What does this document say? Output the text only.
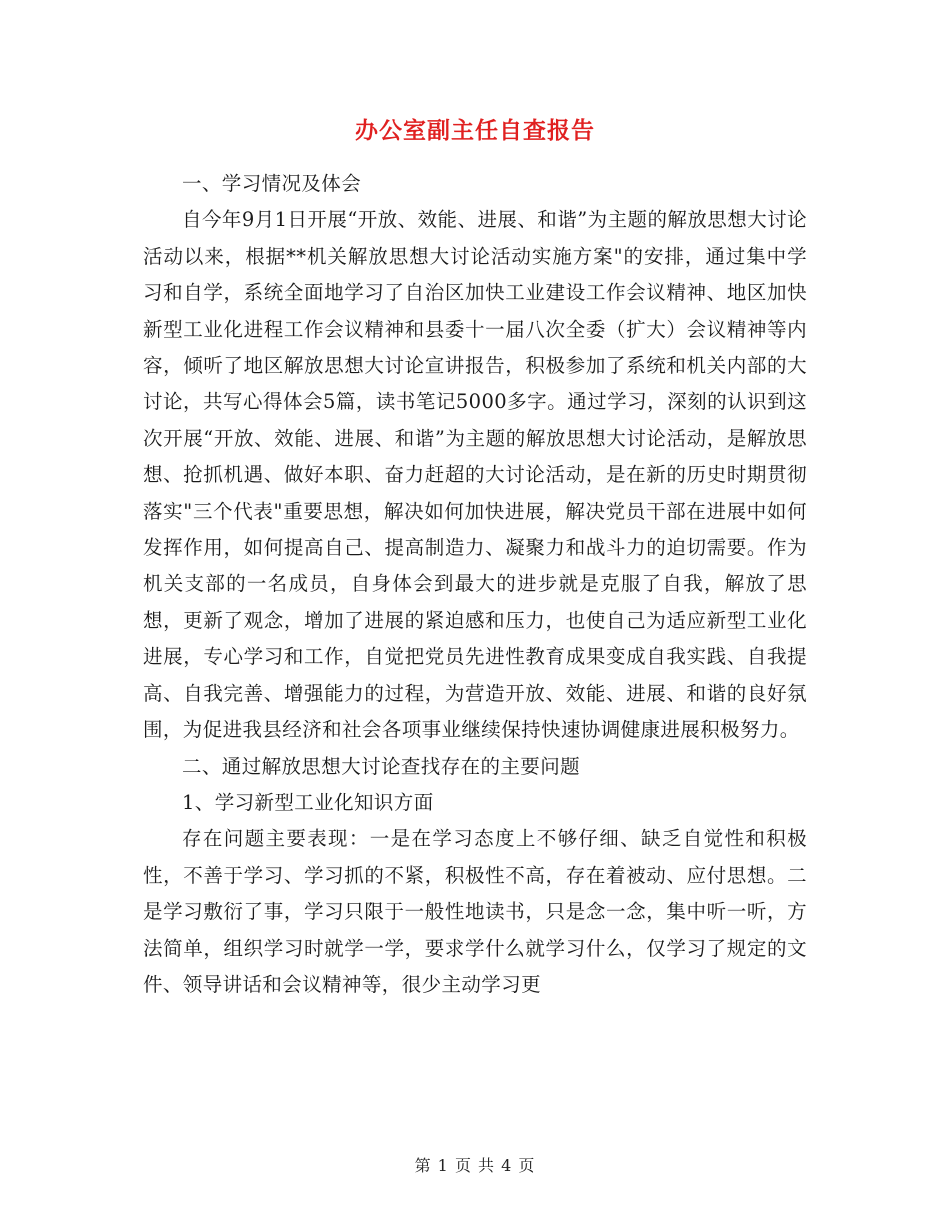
办公室副主任自查报告

一、学习情况及体会

自今年9月1日开展“开放、效能、进展、和谐”为主题的解放思想大讨论活动以来，根据**机关解放思想大讨论活动实施方案"的安排，通过集中学习和自学，系统全面地学习了自治区加快工业建设工作会议精神、地区加快新型工业化进程工作会议精神和县委十一届八次全委（扩大）会议精神等内容，倾听了地区解放思想大讨论宣讲报告，积极参加了系统和机关内部的大讨论，共写心得体会5篇，读书笔记5000多字。通过学习，深刻的认识到这次开展“开放、效能、进展、和谐”为主题的解放思想大讨论活动，是解放思想、抢抓机遇、做好本职、奋力赶超的大讨论活动，是在新的历史时期贯彻落实"三个代表"重要思想，解决如何加快进展，解决党员干部在进展中如何发挥作用，如何提高自己、提高制造力、凝聚力和战斗力的迫切需要。作为机关支部的一名成员，自身体会到最大的进步就是克服了自我，解放了思想，更新了观念，增加了进展的紧迫感和压力，也使自己为适应新型工业化进展，专心学习和工作，自觉把党员先进性教育成果变成自我实践、自我提高、自我完善、增强能力的过程，为营造开放、效能、进展、和谐的良好氛围，为促进我县经济和社会各项事业继续保持快速协调健康进展积极努力。

二、通过解放思想大讨论查找存在的主要问题

1、学习新型工业化知识方面

存在问题主要表现：一是在学习态度上不够仔细、缺乏自觉性和积极性，不善于学习、学习抓的不紧，积极性不高，存在着被动、应付思想。二是学习敷衍了事，学习只限于一般性地读书，只是念一念，集中听一听，方法简单，组织学习时就学一学，要求学什么就学习什么，仅学习了规定的文件、领导讲话和会议精神等，很少主动学习更

第 1 页 共 4 页
